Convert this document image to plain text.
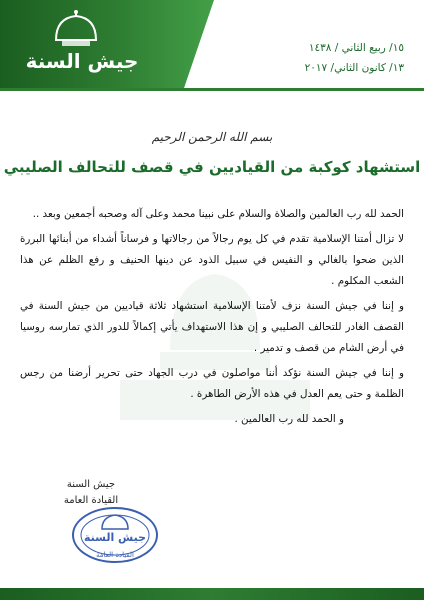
جيش السنة
١٥/ ربيع الثاني / ١٤٣٨
١٣/ كانون الثاني/ ٢٠١٧
بسم الله الرحمن الرحيم
استشهاد كوكبة من القياديين في قصف للتحالف الصليبي

الحمد لله رب العالمين والصلاة والسلام على نبينا محمد وعلى آله وصحبه أجمعين وبعد ..

لا تزال أمتنا الإسلامية تقدم في كل يوم رجالاً من رجالاتها و فرساناً أشداء من أبنائها البررة الذين ضحوا بالغالي و النفيس في سبيل الذود عن دينها الحنيف و رفع الظلم عن هذا الشعب المكلوم .

و إننا في جيش السنة نزف لأمتنا الإسلامية استشهاد ثلاثة قياديين من جيش السنة في القصف الغادر للتحالف الصليبي و إن هذا الاستهداف يأتي إكمالاً للدور الذي تمارسه روسيا في أرض الشام من قصف و تدمير .

و إننا في جيش السنة نؤكد أننا مواصلون في درب الجهاد حتى تحرير أرضنا من رجس الظلمة و حتى يعم العدل في هذه الأرض الطاهرة .

و الحمد لله رب العالمين .

جيش السنة
القيادة العامة
جيش السنة
القيادة العامة
